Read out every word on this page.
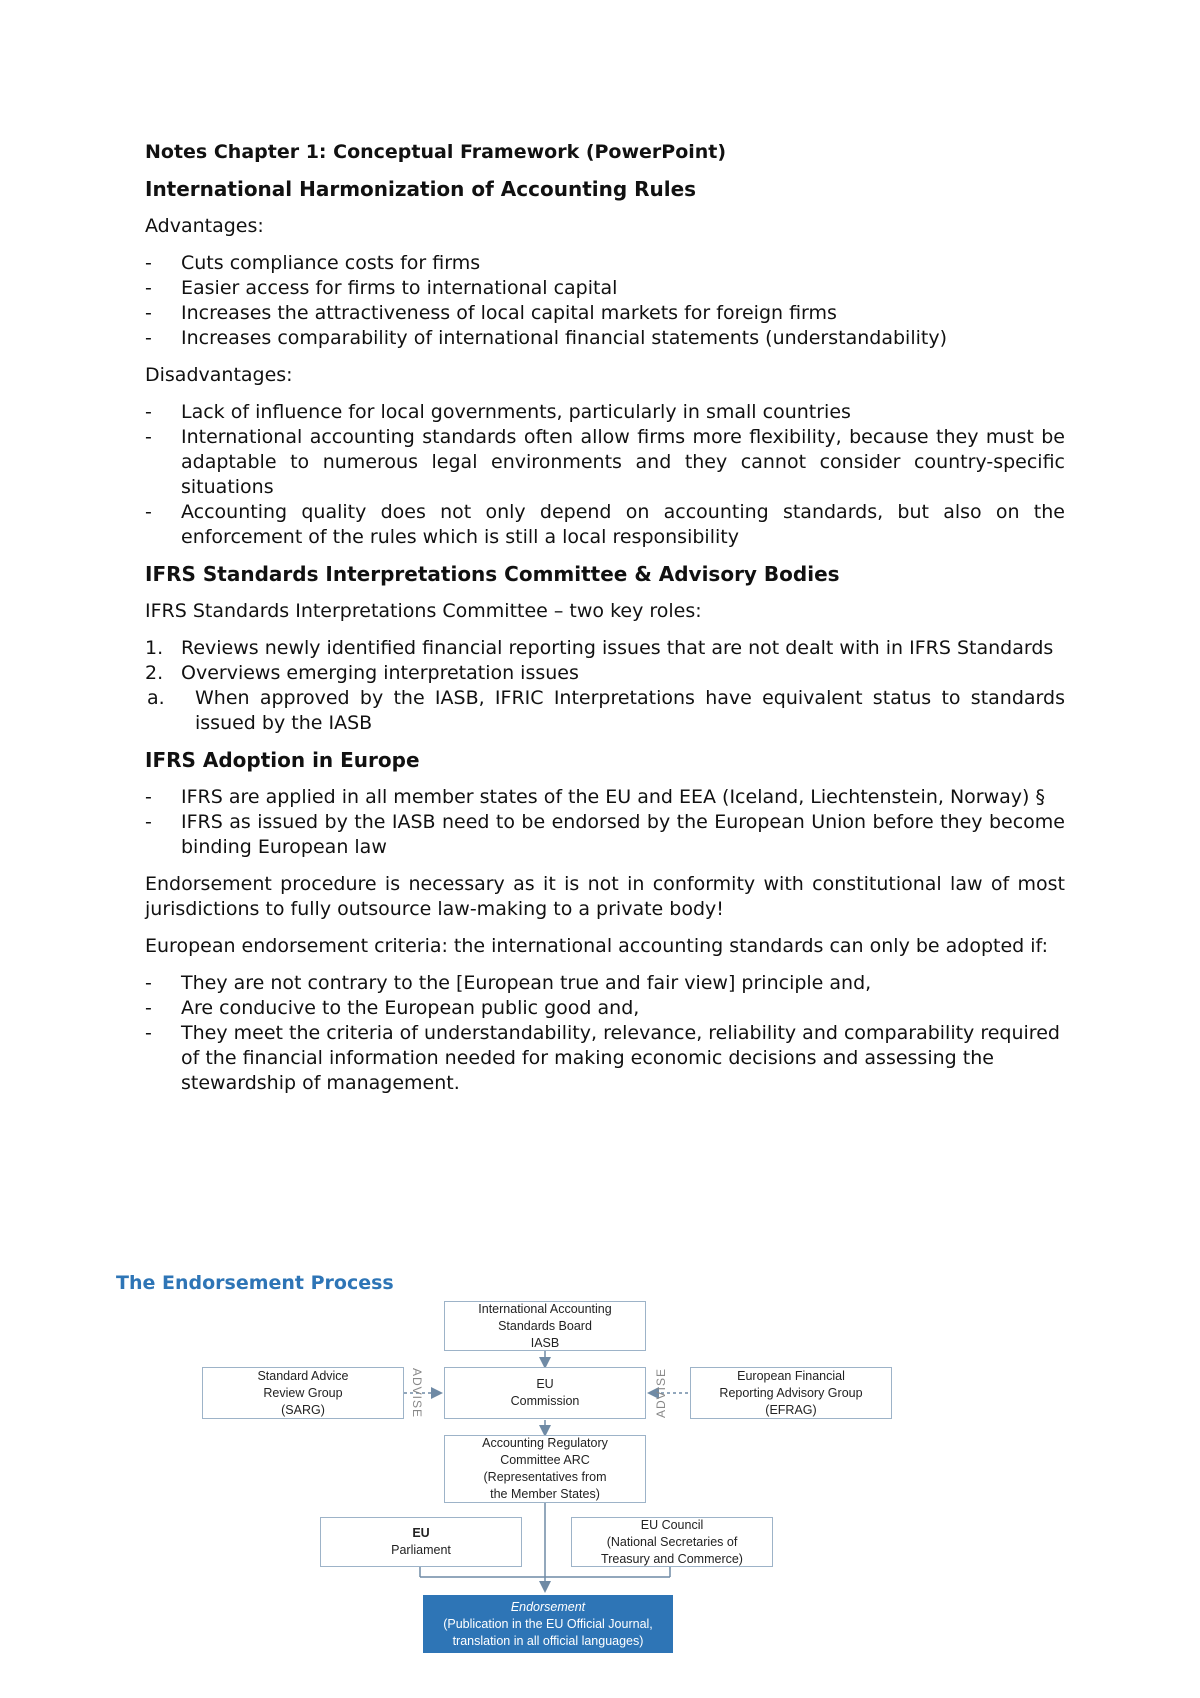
Notes Chapter 1: Conceptual Framework (PowerPoint)

International Harmonization of Accounting Rules

Advantages:

- Cuts compliance costs for firms
- Easier access for firms to international capital
- Increases the attractiveness of local capital markets for foreign firms
- Increases comparability of international financial statements (understandability)

Disadvantages:

- Lack of influence for local governments, particularly in small countries
- International accounting standards often allow firms more flexibility, because they must be adaptable to numerous legal environments and they cannot consider country-specific situations
- Accounting quality does not only depend on accounting standards, but also on the enforcement of the rules which is still a local responsibility

IFRS Standards Interpretations Committee & Advisory Bodies

IFRS Standards Interpretations Committee – two key roles:

1. Reviews newly identified financial reporting issues that are not dealt with in IFRS Standards
2. Overviews emerging interpretation issues
a. When approved by the IASB, IFRIC Interpretations have equivalent status to standards issued by the IASB

IFRS Adoption in Europe

- IFRS are applied in all member states of the EU and EEA (Iceland, Liechtenstein, Norway) §
- IFRS as issued by the IASB need to be endorsed by the European Union before they become binding European law

Endorsement procedure is necessary as it is not in conformity with constitutional law of most jurisdictions to fully outsource law-making to a private body!

European endorsement criteria: the international accounting standards can only be adopted if:

- They are not contrary to the [European true and fair view] principle and,
- Are conducive to the European public good and,
- They meet the criteria of understandability, relevance, reliability and comparability required of the financial information needed for making economic decisions and assessing the stewardship of management.
The Endorsement Process
International Accounting
Standards Board
IASB
Standard Advice
Review Group
(SARG)	ADVISE	EU
Commission	ADVISE	European Financial
Reporting Advisory Group
(EFRAG)
Accounting Regulatory
Committee ARC
(Representatives from
the Member States)
EU
Parliament
EU Council
(National Secretaries of
Treasury and Commerce)
Endorsement
(Publication in the EU Official Journal,
translation in all official languages)
